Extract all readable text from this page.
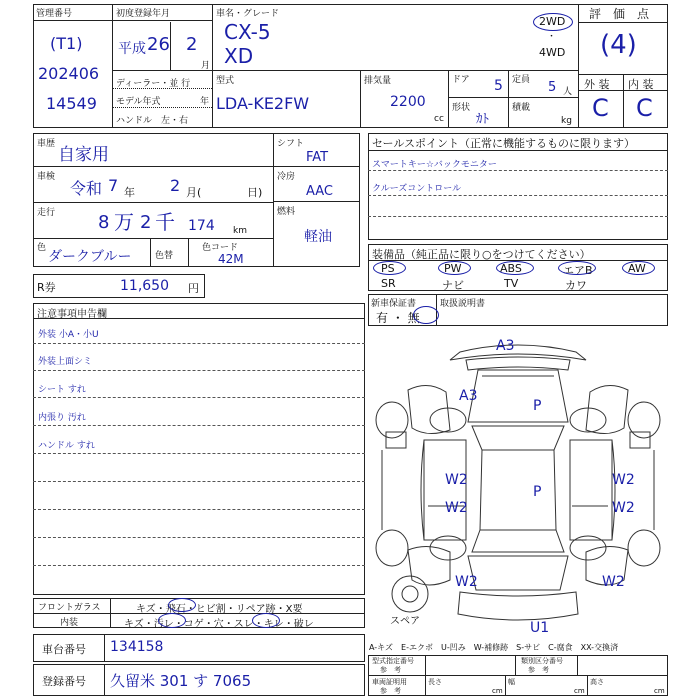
管理番号
(T1)
202406
14549
初度登録年月
平成 26 2
月
ディーラー・並 行
モデル年式	年
ハンドル　左・右
車名・グレード
CX-5
XD
2WD
・
4WD
型式
LDA-KE2FW
排気量
2200
cc
ドア 5 定員 5 人
形状
ｶﾄ
積載
kg
評　価　点
(4)
外 装 内 装
C C
車歴
自家用
車検
令和 7 年 2 月(	日)
走行 8 万 2 千 174 km
色
ダークブルー	色替
色コード
42M
シフト
FAT
冷房
AAC
燃料
軽油
R券	11,650 円
セールスポイント（正常に機能するものに限ります）
スマートキー☆バックモニター
クルーズコントロール
装備品（純正品に限り○をつけてください）
PS	PW	ABS	エアB	AW
SR	ナビ	TV	カワ
新車保証書
有 ・ 無
取扱説明書
注意事項申告欄
外装 小A・小U
外装上面シミ
シート すれ
内張り 汚れ
ハンドル すれ
A3
A3
P
W2	W2
P
W2	W2
W2	W2
U1
スペア
フロントガラス	キズ・飛石・ヒビ割・リペア跡・X要
内装	キズ・汚レ・コゲ・穴・スレ・キレ・破レ
車台番号 134158
登録番号 久留米 301 す 7065
A-キズ　E-エクボ　U-凹み　W-補修跡　S-サビ　C-腐食　XX-交換済
型式指定番号
参　考
類別区分番号
参　考
車両証明用
参　考
長さ
cm
幅
cm
高さ
cm
